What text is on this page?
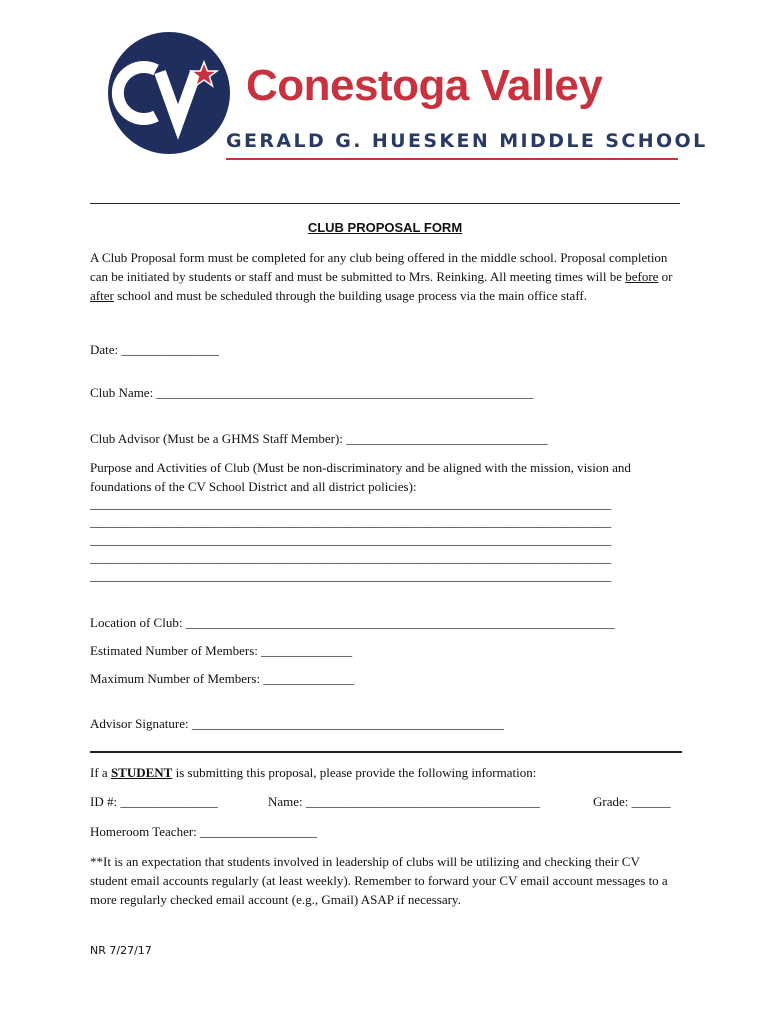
Conestoga Valley
GERALD G. HUESKEN MIDDLE SCHOOL
CLUB PROPOSAL FORM
A Club Proposal form must be completed for any club being offered in the middle school. Proposal completion can be initiated by students or staff and must be submitted to Mrs. Reinking. All meeting times will be before or after school and must be scheduled through the building usage process via the main office staff.
Date: _______________
Club Name: __________________________________________________________
Club Advisor (Must be a GHMS Staff Member): _______________________________
Purpose and Activities of Club (Must be non-discriminatory and be aligned with the mission, vision and foundations of the CV School District and all district policies):
____________________________________________________________________________________
____________________________________________________________________________________
____________________________________________________________________________________
____________________________________________________________________________________
____________________________________________________________________________________
Location of Club: __________________________________________________________________
Estimated Number of Members: ______________
Maximum Number of Members: ______________
Advisor Signature: ________________________________________________
If a STUDENT is submitting this proposal, please provide the following information:
ID #: _______________	Name: ____________________________________	Grade: ______
Homeroom Teacher: __________________
**It is an expectation that students involved in leadership of clubs will be utilizing and checking their CV student email accounts regularly (at least weekly). Remember to forward your CV email account messages to a more regularly checked email account (e.g., Gmail) ASAP if necessary.
NR 7/27/17
